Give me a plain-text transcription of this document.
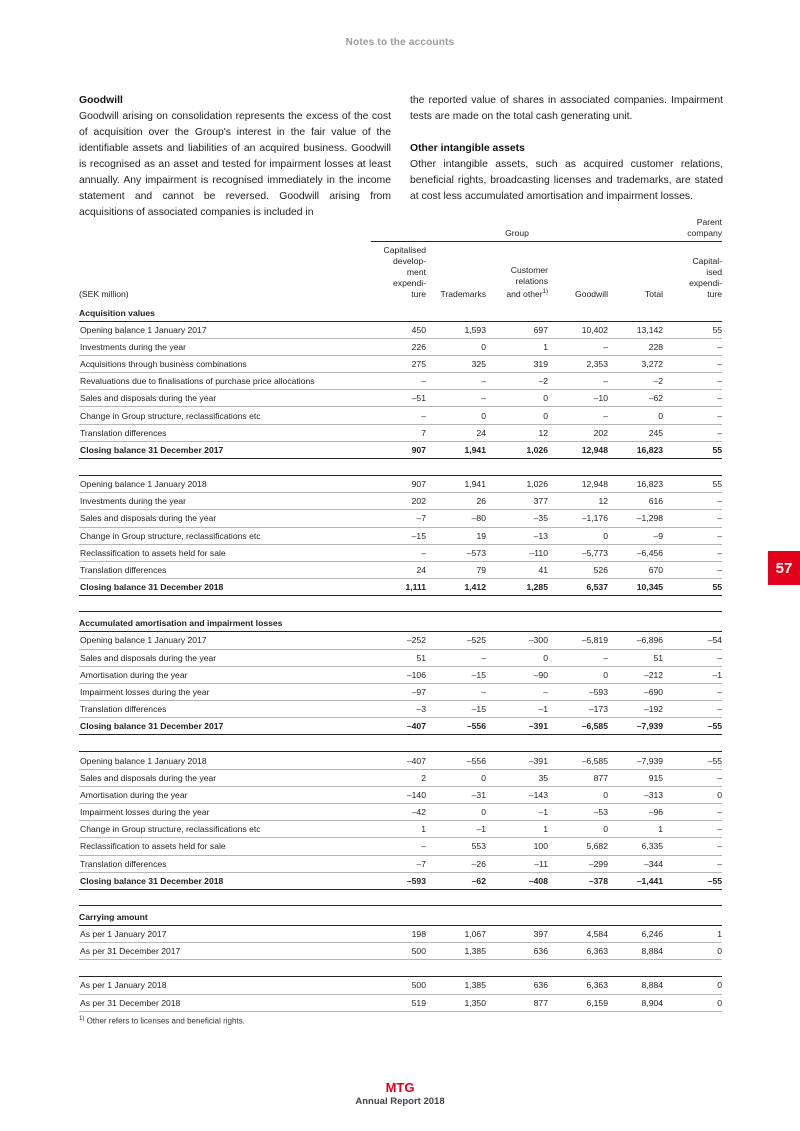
Notes to the accounts

Goodwill

Goodwill arising on consolidation represents the excess of the cost of acquisition over the Group's interest in the fair value of the identifiable assets and liabilities of an acquired business. Goodwill is recognised as an asset and tested for impairment losses at least annually. Any impairment is recognised immediately in the income statement and cannot be reversed. Goodwill arising from acquisitions of associated companies is included in

the reported value of shares in associated companies. Impairment tests are made on the total cash generating unit.

Other intangible assets

Other intangible assets, such as acquired customer relations, beneficial rights, broadcasting licenses and trademarks, are stated at cost less accumulated amortisation and impairment losses.

57
	Group					Parent
company
(SEK million)	Capitalised
develop-
ment
expendi-
ture	Trademarks	Customer
relations
and other$^{1)}$	Goodwill	Total	Capital-
ised
expendi-
ture
Acquisition values						
Opening balance 1 January 2017	450	1,593	697	10,402	13,142	55
Investments during the year	226	0	1	–	228	–
Acquisitions through business combinations	275	325	319	2,353	3,272	–
Revaluations due to finalisations of purchase price allocations	–	–	–2	–	–2	–
Sales and disposals during the year	–51	–	0	–10	–62	–
Change in Group structure, reclassifications etc	–	0	0	–	0	–
Translation differences	7	24	12	202	245	–
Closing balance 31 December 2017	907	1,941	1,026	12,948	16,823	55

Opening balance 1 January 2018	907	1,941	1,026	12,948	16,823	55
Investments during the year	202	26	377	12	616	–
Sales and disposals during the year	–7	–80	–35	–1,176	–1,298	–
Change in Group structure, reclassifications etc	–15	19	–13	0	–9	–
Reclassification to assets held for sale	–	–573	–110	–5,773	–6,456	–
Translation differences	24	79	41	526	670	–
Closing balance 31 December 2018	1,111	1,412	1,285	6,537	10,345	55

Accumulated amortisation and impairment losses						
Opening balance 1 January 2017	–252	–525	–300	–5,819	–6,896	–54
Sales and disposals during the year	51	–	0	–	51	–
Amortisation during the year	–106	–15	–90	0	–212	–1
Impairment losses during the year	–97	–	–	–593	–690	–
Translation differences	–3	–15	–1	–173	–192	–
Closing balance 31 December 2017	–407	–556	–391	–6,585	–7,939	–55

Opening balance 1 January 2018	–407	–556	–391	–6,585	–7,939	–55
Sales and disposals during the year	2	0	35	877	915	–
Amortisation during the year	–140	–31	–143	0	–313	0
Impairment losses during the year	–42	0	–1	–53	–96	–
Change in Group structure, reclassifications etc	1	–1	1	0	1	–
Reclassification to assets held for sale	–	553	100	5,682	6,335	–
Translation differences	–7	–26	–11	–299	–344	–
Closing balance 31 December 2018	–593	–62	–408	–378	–1,441	–55

Carrying amount						
As per 1 January 2017	198	1,067	397	4,584	6,246	1
As per 31 December 2017	500	1,385	636	6,363	8,884	0

As per 1 January 2018	500	1,385	636	6,363	8,884	0
As per 31 December 2018	519	1,350	877	6,159	8,904	0
$^{1)}$ Other refers to licenses and beneficial rights.						
MTG
Annual Report 2018
